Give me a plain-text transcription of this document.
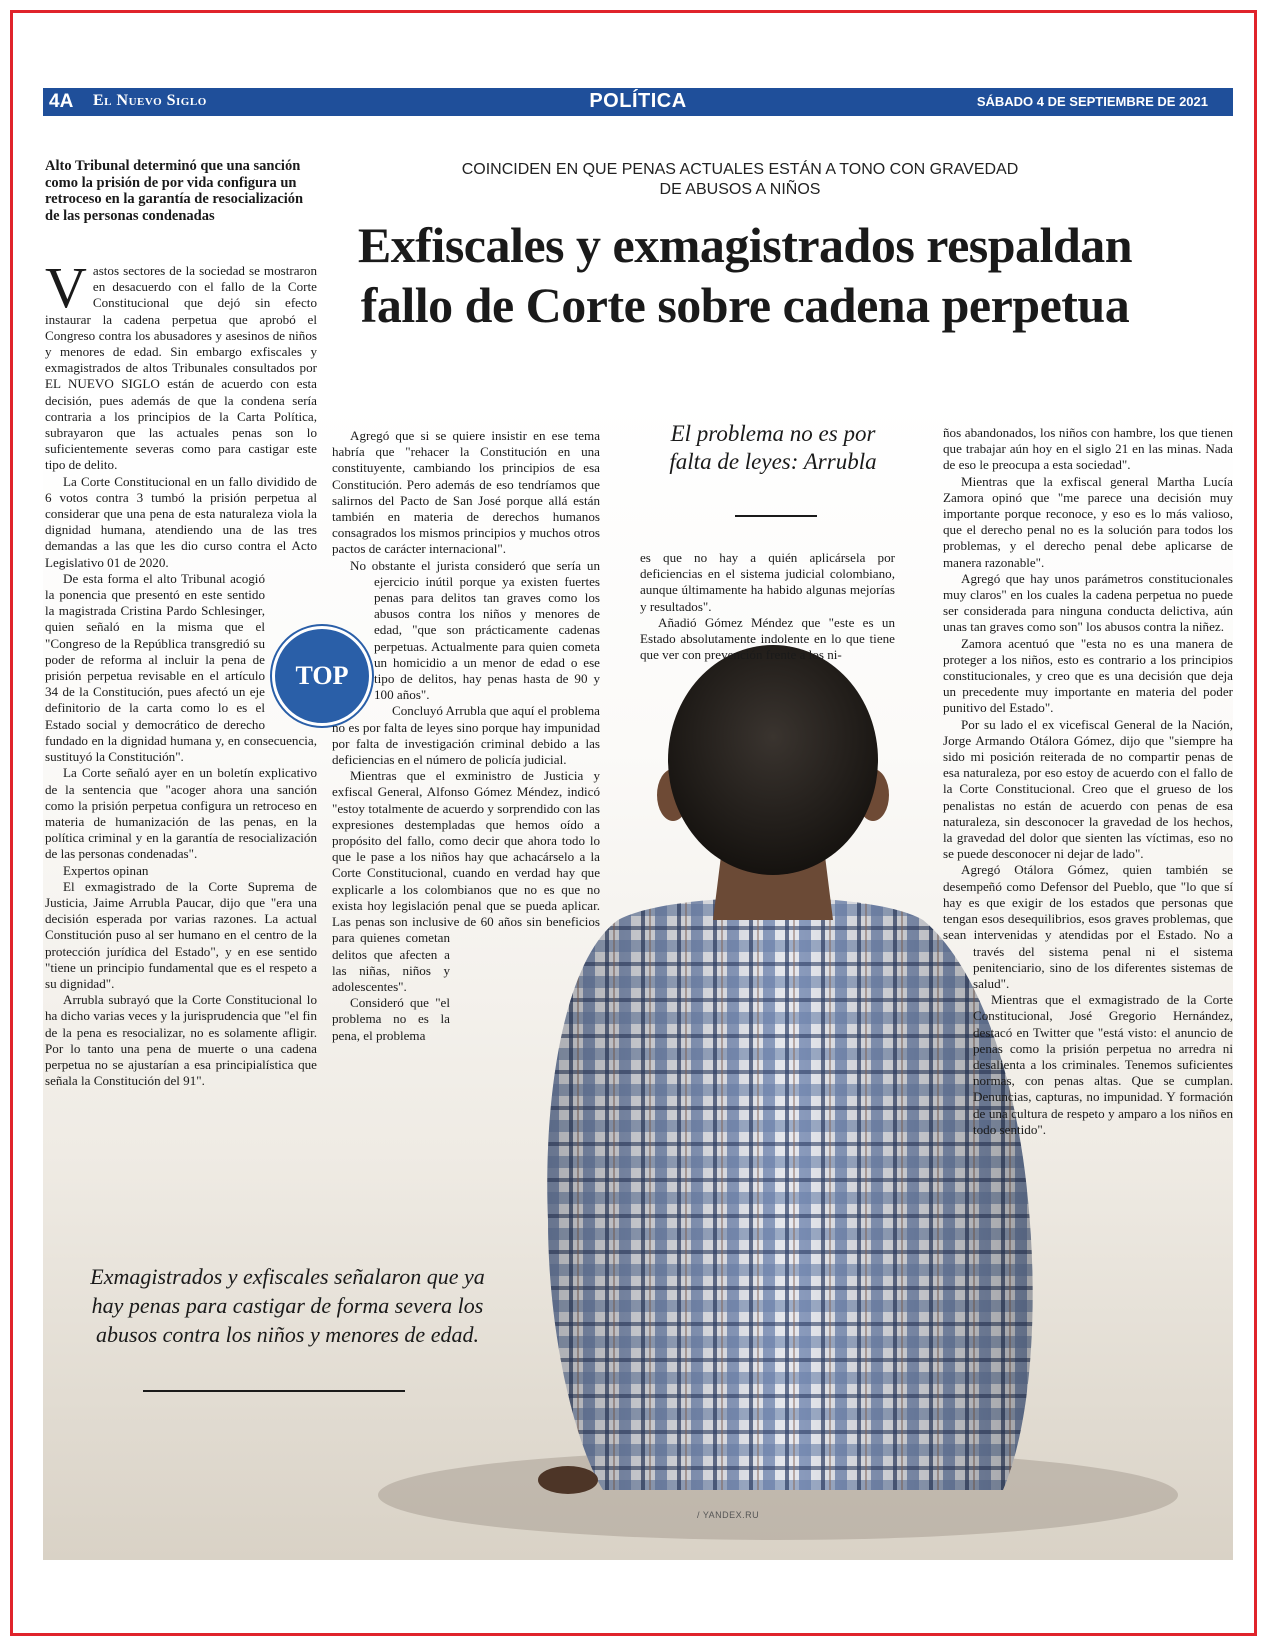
4A El Nuevo Siglo	POLÍTICA	SÁBADO 4 DE SEPTIEMBRE DE 2021
Alto Tribunal determinó que una sanción como la prisión de por vida configura un retroceso en la garantía de resocialización de las personas condenadas
COINCIDEN EN QUE PENAS ACTUALES ESTÁN A TONO CON GRAVEDAD DE ABUSOS A NIÑOS
Exfiscales y exmagistrados respaldan fallo de Corte sobre cadena perpetua
V astos sectores de la sociedad se mostraron en desacuerdo con el fallo de la Corte Constitucional que dejó sin efecto instaurar la cadena perpetua que aprobó el Congreso contra los abusadores y asesinos de niños y menores de edad. Sin embargo exfiscales y exmagistrados de altos Tribunales consultados por EL NUEVO SIGLO están de acuerdo con esta decisión, pues además de que la condena sería contraria a los principios de la Carta Política, subrayaron que las actuales penas son lo suficientemente severas como para castigar este tipo de delito.

La Corte Constitucional en un fallo dividido de 6 votos contra 3 tumbó la prisión perpetua al considerar que una pena de esta naturaleza viola la dignidad humana, atendiendo una de las tres demandas a las que les dio curso contra el Acto Legislativo 01 de 2020.

De esta forma el alto Tribunal acogió la ponencia que presentó en este sentido la magistrada Cristina Pardo Schlesinger, quien señaló en la misma que el "Congreso de la República transgredió su poder de reforma al incluir la pena de prisión perpetua revisable en el artículo 34 de la Constitución, pues afectó un eje definitorio de la carta como lo es el Estado social y democrático de derecho fundado en la dignidad humana y, en consecuencia, sustituyó la Constitución".

La Corte señaló ayer en un boletín explicativo de la sentencia que "acoger ahora una sanción como la prisión perpetua configura un retroceso en materia de humanización de las penas, en la política criminal y en la garantía de resocialización de las personas condenadas".

Expertos opinan

El exmagistrado de la Corte Suprema de Justicia, Jaime Arrubla Paucar, dijo que "era una decisión esperada por varias razones. La actual Constitución puso al ser humano en el centro de la protección jurídica del Estado", y en ese sentido "tiene un principio fundamental que es el respeto a su dignidad".

Arrubla subrayó que la Corte Constitucional lo ha dicho varias veces y la jurisprudencia que "el fin de la pena es resocializar, no es solamente afligir. Por lo tanto una pena de muerte o una cadena perpetua no se ajustarían a esa principialística que señala la Constitución del 91".

TOP

Agregó que si se quiere insistir en ese tema habría que "rehacer la Constitución en una constituyente, cambiando los principios de esa Constitución. Pero además de eso tendríamos que salirnos del Pacto de San José porque allá están también en materia de derechos humanos consagrados los mismos principios y muchos otros pactos de carácter internacional".

No obstante el jurista consideró que sería un ejercicio inútil porque ya existen fuertes penas para delitos tan graves como los abusos contra los niños y menores de edad, "que son prácticamente cadenas perpetuas. Actualmente para quien cometa un homicidio a un menor de edad o ese tipo de delitos, hay penas hasta de 90 y 100 años".

Concluyó Arrubla que aquí el problema no es por falta de leyes sino porque hay impunidad por falta de investigación criminal debido a las deficiencias en el número de policía judicial.

Mientras que el exministro de Justicia y exfiscal General, Alfonso Gómez Méndez, indicó "estoy totalmente de acuerdo y sorprendido con las expresiones destempladas que hemos oído a propósito del fallo, como decir que ahora todo lo que le pase a los niños hay que achacárselo a la Corte Constitucional, cuando en verdad hay que explicarle a los colombianos que no es que no exista hoy legislación penal que se pueda aplicar. Las penas son inclusive de 60 años sin beneficios para quienes cometan delitos que afecten a las niñas, niños y adolescentes".

Consideró que "el problema no es la pena, el problema

El problema no es por falta de leyes: Arrubla

es que no hay a quién aplicársela por deficiencias en el sistema judicial colombiano, aunque últimamente ha habido algunas mejorías y resultados".

Añadió Gómez Méndez que "este es un Estado absolutamente indolente en lo que tiene que ver con prevención frente a los ni-

ños abandonados, los niños con hambre, los que tienen que trabajar aún hoy en el siglo 21 en las minas. Nada de eso le preocupa a esta sociedad".

Mientras que la exfiscal general Martha Lucía Zamora opinó que "me parece una decisión muy importante porque reconoce, y eso es lo más valioso, que el derecho penal no es la solución para todos los problemas, y el derecho penal debe aplicarse de manera razonable".

Agregó que hay unos parámetros constitucionales muy claros" en los cuales la cadena perpetua no puede ser considerada para ninguna conducta delictiva, aún unas tan graves como son" los abusos contra la niñez.

Zamora acentuó que "esta no es una manera de proteger a los niños, esto es contrario a los principios constitucionales, y creo que es una decisión que deja un precedente muy importante en materia del poder punitivo del Estado".

Por su lado el ex vicefiscal General de la Nación, Jorge Armando Otálora Gómez, dijo que "siempre ha sido mi posición reiterada de no compartir penas de esa naturaleza, por eso estoy de acuerdo con el fallo de la Corte Constitucional. Creo que el grueso de los penalistas no están de acuerdo con penas de esa naturaleza, sin desconocer la gravedad de los hechos, la gravedad del dolor que sienten las víctimas, eso no se puede desconocer ni dejar de lado".

Agregó Otálora Gómez, quien también se desempeñó como Defensor del Pueblo, que "lo que sí hay es que exigir de los estados que personas que tengan esos desequilibrios, esos graves problemas, que sean intervenidas y atendidas por el Estado. No a través del sistema penal ni el sistema penitenciario, sino de los diferentes sistemas de salud".

Mientras que el exmagistrado de la Corte Constitucional, José Gregorio Hernández, destacó en Twitter que "está visto: el anuncio de penas como la prisión perpetua no arredra ni desalienta a los criminales. Tenemos suficientes normas, con penas altas. Que se cumplan. Denuncias, capturas, no impunidad. Y formación de una cultura de respeto y amparo a los niños en todo sentido".

Exmagistrados y exfiscales señalaron que ya hay penas para castigar de forma severa los abusos contra los niños y menores de edad.
/ YANDEX.RU
